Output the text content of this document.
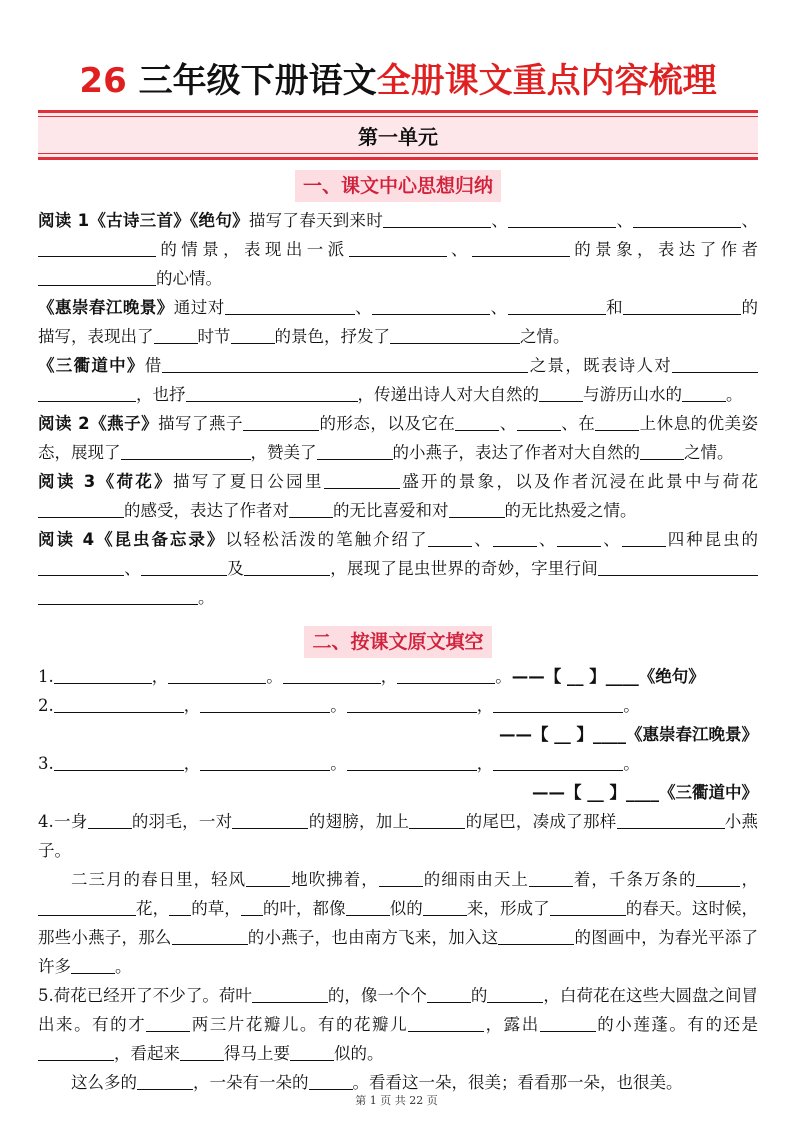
26 三年级下册语文全册课文重点内容梳理
第一单元
一、课文中心思想归纳

阅读 1《古诗三首》《绝句》描写了春天到来时	、	、	、的情景，表现出一派	、	的景象，表达了作者的心情。

《惠崇春江晚景》通过对	、	、	和	的描写，表现出了	时节	的景色，抒发了	之情。

《三衢道中》借	之景，既表诗人对，也抒	，传递出诗人对大自然的	与游历山水的	。

阅读 2《燕子》描写了燕子	的形态，以及它在	、	、在	上休息的优美姿态，展现了	，赞美了	的小燕子，表达了作者对大自然的	之情。

阅读 3《荷花》描写了夏日公园里	盛开的景象，以及作者沉浸在此景中与荷花的感受，表达了作者对	的无比喜爱和对	的无比热爱之情。

阅读 4《昆虫备忘录》以轻松活泼的笔触介绍了	、	、	、	四种昆虫的、	及	，展现了昆虫世界的奇妙，字里行间。

二、按课文原文填空

1.	，	。	，	。——【 __ 】____《绝句》

2.	，	。	，	。

——【 __ 】____《惠崇春江晚景》

3.	，	。	，	。

——【 __ 】____《三衢道中》

4.一身	的羽毛，一对	的翅膀，加上	的尾巴，凑成了那样	小燕子。

二三月的春日里，轻风	地吹拂着，	的细雨由天上	着，千条万条的	，花， 的草， 的叶，都像	似的	来，形成了	的春天。这时候，那些小燕子，那么	的小燕子，也由南方飞来，加入这	的图画中，为春光平添了许多	。

5.荷花已经开了不少了。荷叶	的，像一个个	的	，白荷花在这些大圆盘之间冒出来。有的才	两三片花瓣儿。有的花瓣儿	，露出	的小莲蓬。有的还是，看起来	得马上要	似的。

这么多的	，一朵有一朵的	。看看这一朵，很美；看看那一朵，也很美。

第 1 页 共 22 页
